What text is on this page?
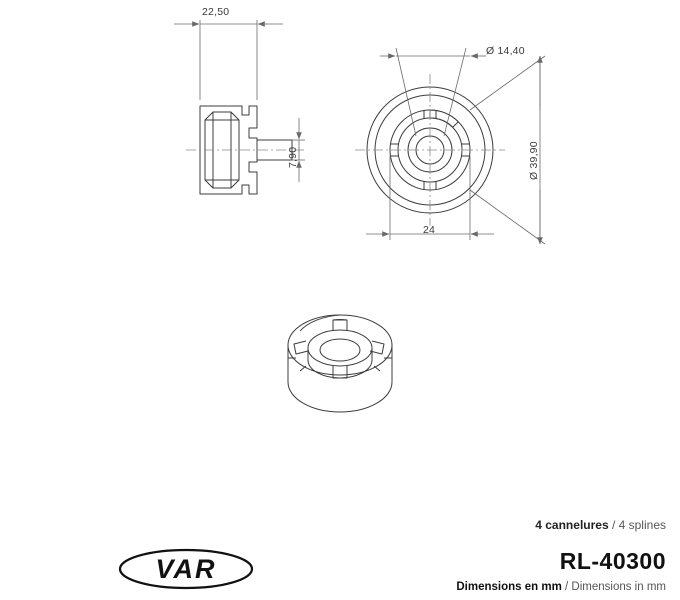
22,50
7,90
Ø 14,40
Ø 39,90
24
4 cannelures / 4 splines
RL-40300
Dimensions en mm / Dimensions in mm
VAR
